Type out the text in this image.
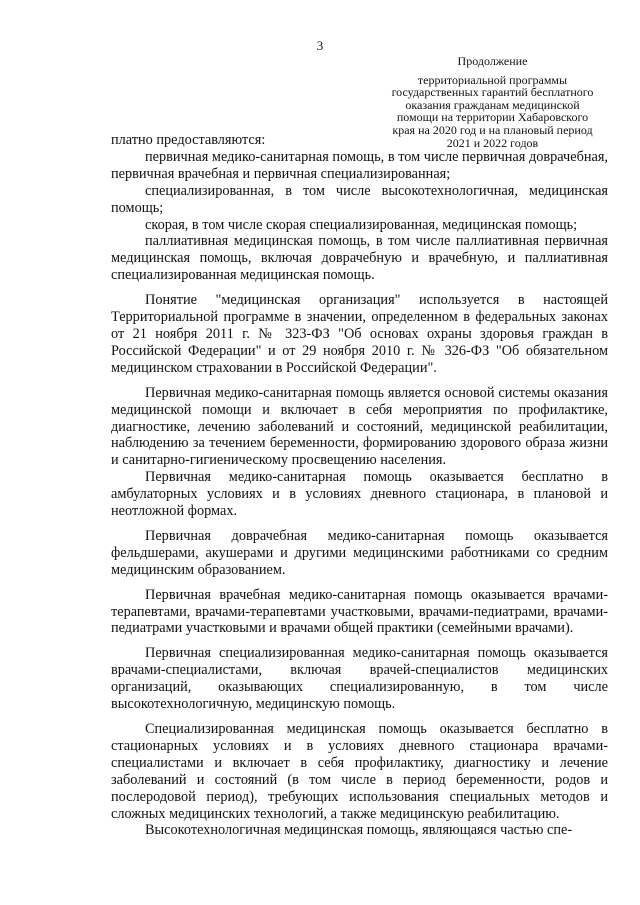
3
Продолжение
территориальной программы
государственных гарантий бесплатного
оказания гражданам медицинской
помощи на территории Хабаровского
края на 2020 год и на плановый период
2021 и 2022 годов

платно предоставляются:

первичная медико-санитарная помощь, в том числе первичная доврачебная, первичная врачебная и первичная специализированная;

специализированная, в том числе высокотехнологичная, медицинская помощь;

скорая, в том числе скорая специализированная, медицинская помощь;

паллиативная медицинская помощь, в том числе паллиативная первичная медицинская помощь, включая доврачебную и врачебную, и паллиативная специализированная медицинская помощь.

Понятие "медицинская организация" используется в настоящей Территориальной программе в значении, определенном в федеральных законах от 21 ноября 2011 г. № 323-ФЗ "Об основах охраны здоровья граждан в Российской Федерации" и от 29 ноября 2010 г. № 326-ФЗ "Об обязательном медицинском страховании в Российской Федерации".

Первичная медико-санитарная помощь является основой системы оказания медицинской помощи и включает в себя мероприятия по профилактике, диагностике, лечению заболеваний и состояний, медицинской реабилитации, наблюдению за течением беременности, формированию здорового образа жизни и санитарно-гигиеническому просвещению населения.

Первичная медико-санитарная помощь оказывается бесплатно в амбулаторных условиях и в условиях дневного стационара, в плановой и неотложной формах.

Первичная доврачебная медико-санитарная помощь оказывается фельдшерами, акушерами и другими медицинскими работниками со средним медицинским образованием.

Первичная врачебная медико-санитарная помощь оказывается врачами-терапевтами, врачами-терапевтами участковыми, врачами-педиатрами, врачами-педиатрами участковыми и врачами общей практики (семейными врачами).

Первичная специализированная медико-санитарная помощь оказывается врачами-специалистами, включая врачей-специалистов медицинских организаций, оказывающих специализированную, в том числе высокотехнологичную, медицинскую помощь.

Специализированная медицинская помощь оказывается бесплатно в стационарных условиях и в условиях дневного стационара врачами-специалистами и включает в себя профилактику, диагностику и лечение заболеваний и состояний (в том числе в период беременности, родов и послеродовой период), требующих использования специальных методов и сложных медицинских технологий, а также медицинскую реабилитацию.

Высокотехнологичная медицинская помощь, являющаяся частью спе-
